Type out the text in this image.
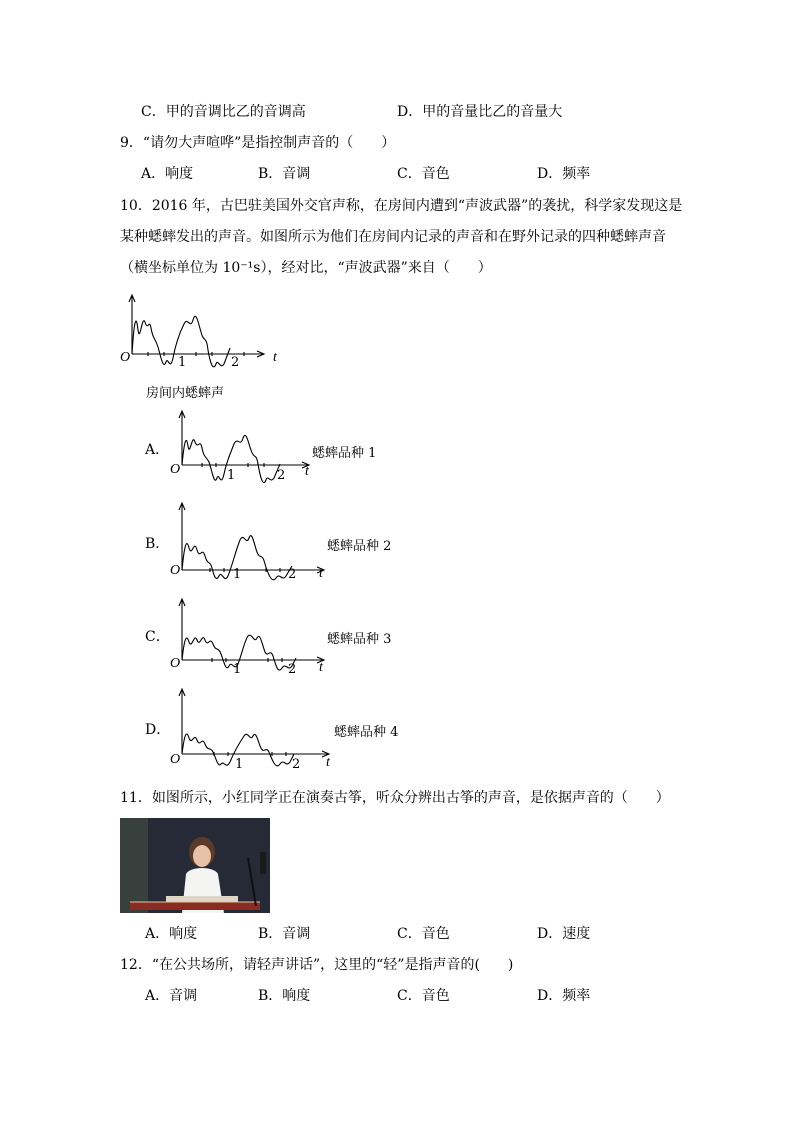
C．甲的音调比乙的音调高	D．甲的音量比乙的音量大
9．“请勿大声喧哗”是指控制声音的（　　）
A．响度	B．音调	C．音色	D．频率
10．2016 年，古巴驻美国外交官声称，在房间内遭到“声波武器”的袭扰，科学家发现这是
某种蟋蟀发出的声音。如图所示为他们在房间内记录的声音和在野外记录的四种蟋蟀声音
（横坐标单位为 10⁻¹s），经对比，“声波武器”来自（　　）
O	1	2 t
房间内蟋蟀声
A．
O	1	2 t
蟋蟀品种 1
B．
O	1	2 t
蟋蟀品种 2
C．
O	1	2 t
蟋蟀品种 3
D．
O	1	2 t
蟋蟀品种 4
11．如图所示，小红同学正在演奏古筝，听众分辨出古筝的声音，是依据声音的（　　）
A．响度	B．音调	C．音色	D．速度
12．“在公共场所，请轻声讲话”，这里的“轻”是指声音的(　　)
A．音调	B．响度	C．音色	D．频率
